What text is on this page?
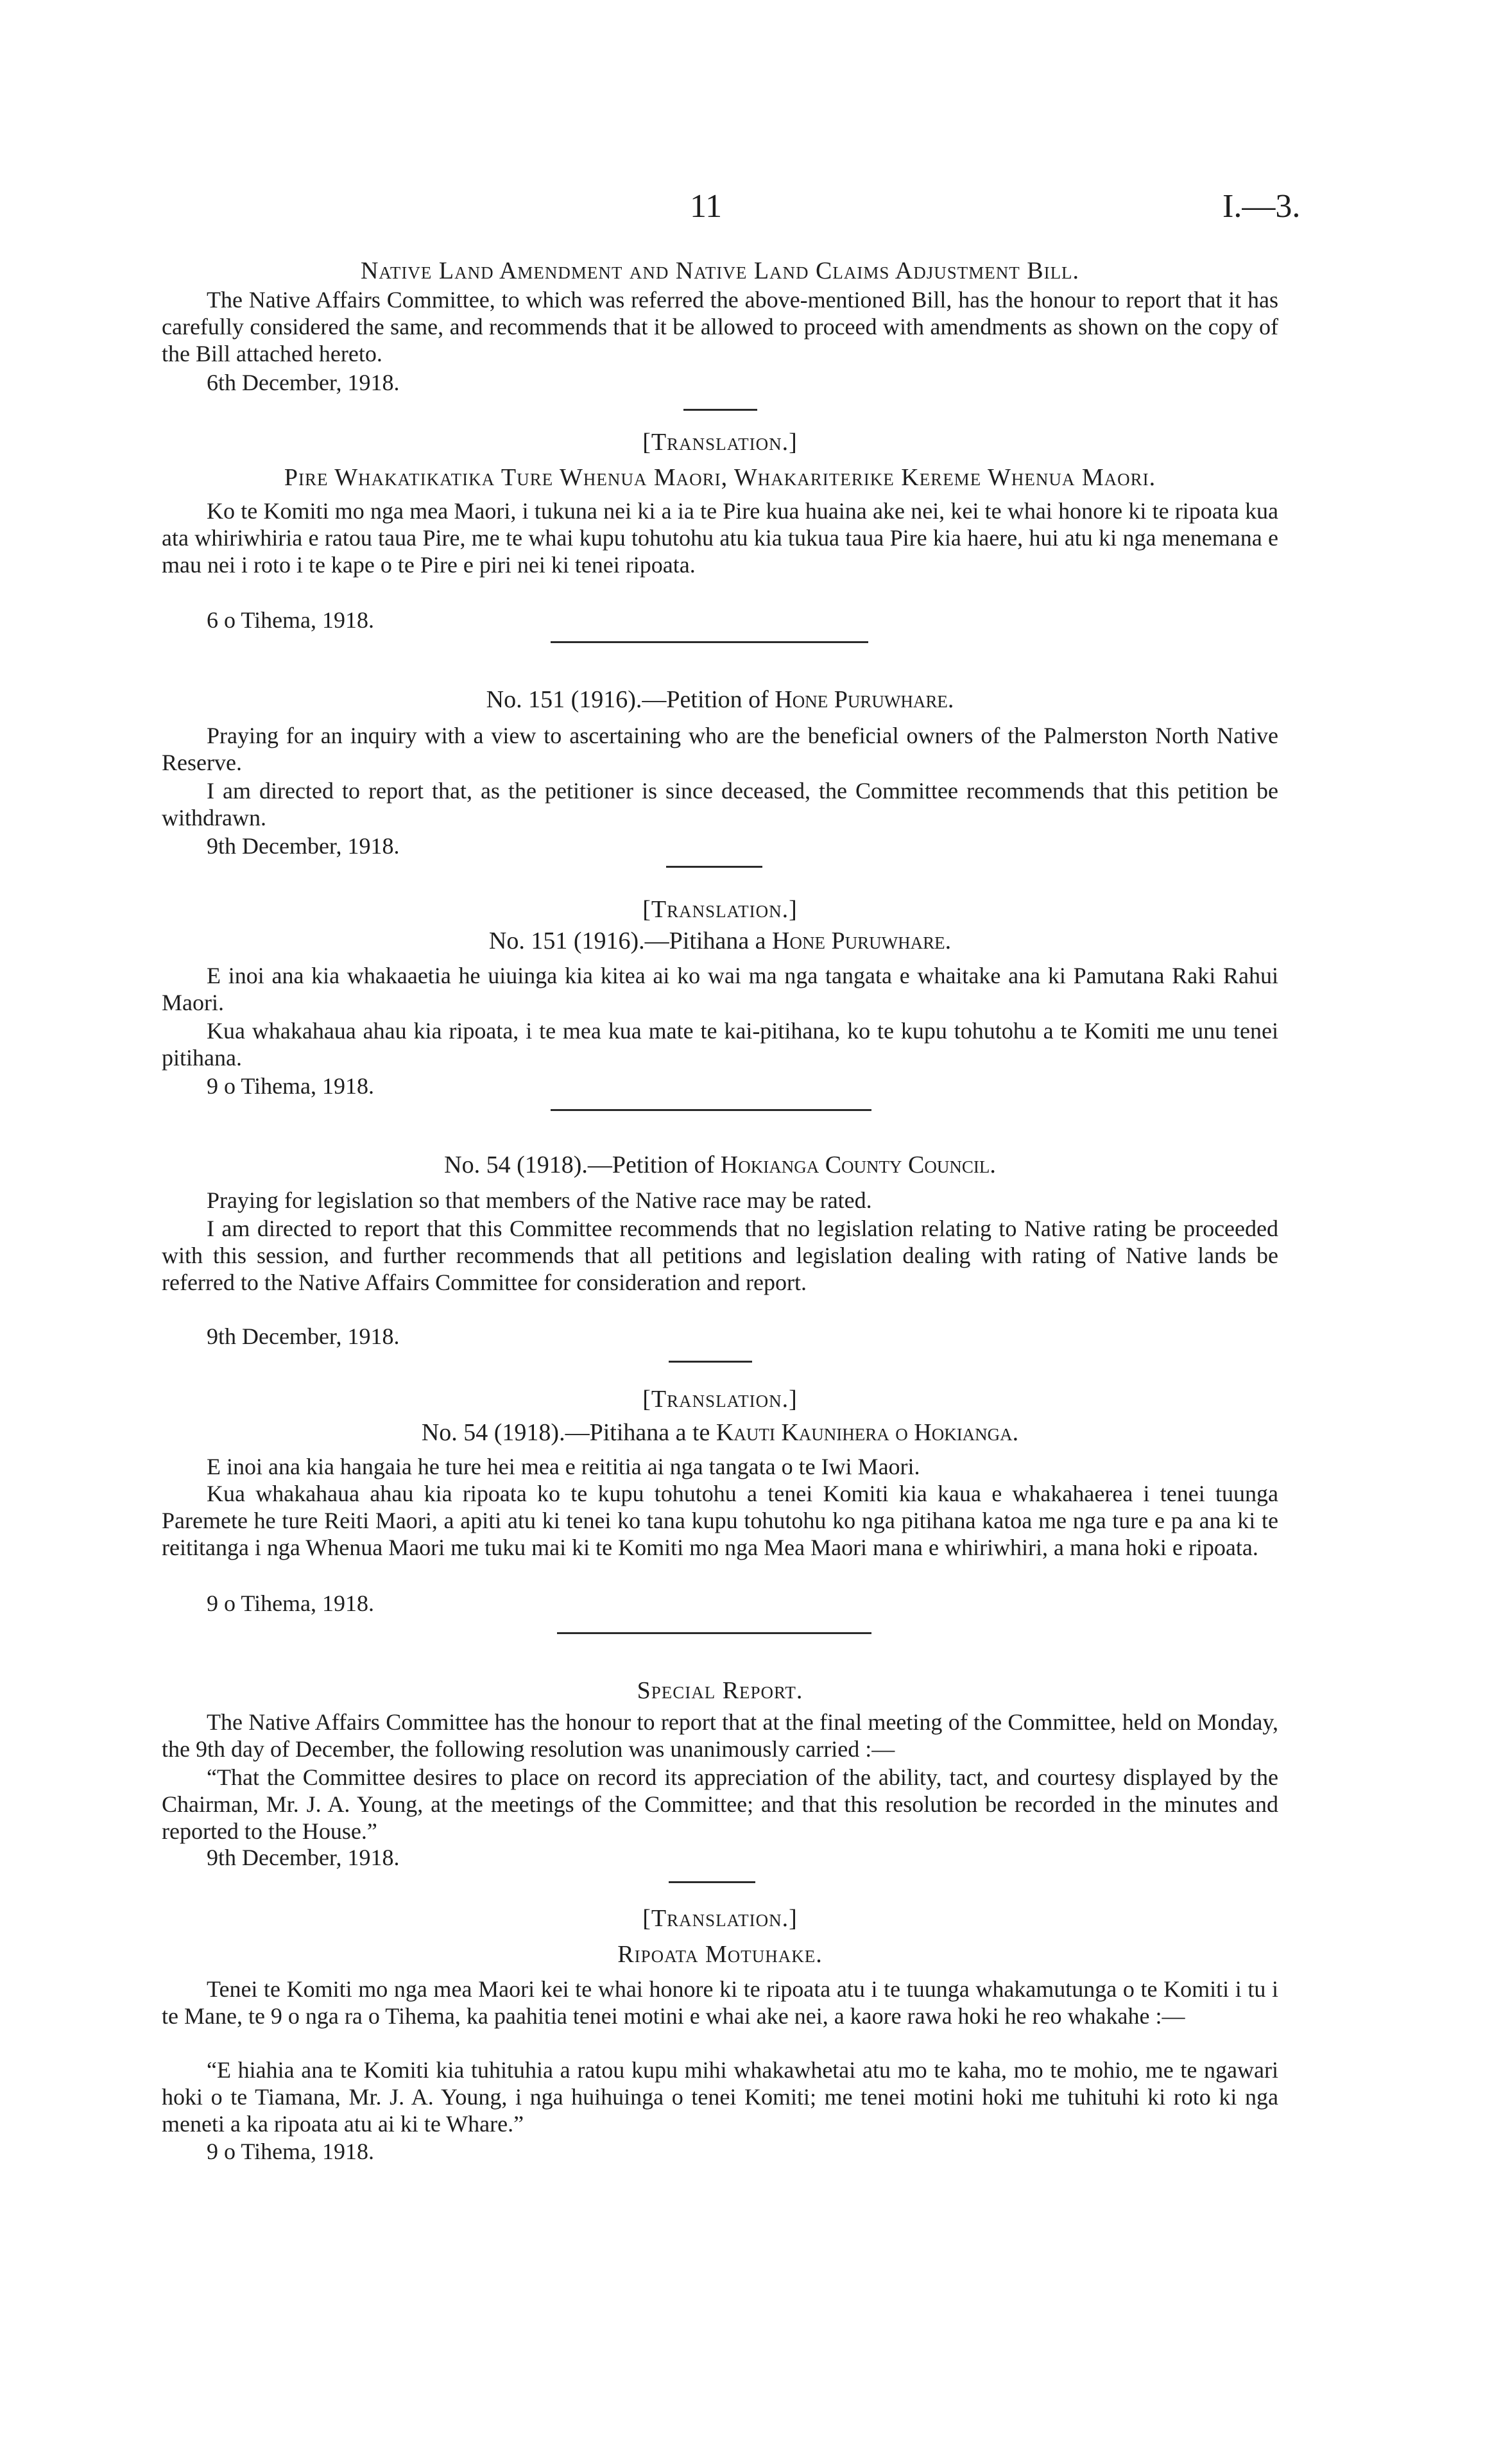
11	I.—3.
Native Land Amendment and Native Land Claims Adjustment Bill.

The Native Affairs Committee, to which was referred the above-mentioned Bill, has the honour to report that it has carefully considered the same, and recommends that it be allowed to proceed with amendments as shown on the copy of the Bill attached hereto.

6th December, 1918.
[Translation.]
Pire Whakatikatika Ture Whenua Maori, Whakariterike Kereme Whenua Maori.

Ko te Komiti mo nga mea Maori, i tukuna nei ki a ia te Pire kua huaina ake nei, kei te whai honore ki te ripoata kua ata whiriwhiria e ratou taua Pire, me te whai kupu tohutohu atu kia tukua taua Pire kia haere, hui atu ki nga menemana e mau nei i roto i te kape o te Pire e piri nei ki tenei ripoata.

6 o Tihema, 1918.
No. 151 (1916).—Petition of Hone Puruwhare.

Praying for an inquiry with a view to ascertaining who are the beneficial owners of the Palmerston North Native Reserve.

I am directed to report that, as the petitioner is since deceased, the Committee recommends that this petition be withdrawn.

9th December, 1918.
[Translation.]
No. 151 (1916).—Pitihana a Hone Puruwhare.

E inoi ana kia whakaaetia he uiuinga kia kitea ai ko wai ma nga tangata e whaitake ana ki Pamutana Raki Rahui Maori.

Kua whakahaua ahau kia ripoata, i te mea kua mate te kai-pitihana, ko te kupu tohutohu a te Komiti me unu tenei pitihana.

9 o Tihema, 1918.
No. 54 (1918).—Petition of Hokianga County Council.

Praying for legislation so that members of the Native race may be rated.

I am directed to report that this Committee recommends that no legislation relating to Native rating be proceeded with this session, and further recommends that all petitions and legislation dealing with rating of Native lands be referred to the Native Affairs Committee for consideration and report.

9th December, 1918.
[Translation.]
No. 54 (1918).—Pitihana a te Kauti Kaunihera o Hokianga.

E inoi ana kia hangaia he ture hei mea e reititia ai nga tangata o te Iwi Maori.

Kua whakahaua ahau kia ripoata ko te kupu tohutohu a tenei Komiti kia kaua e whakahaerea i tenei tuunga Paremete he ture Reiti Maori, a apiti atu ki tenei ko tana kupu tohutohu ko nga pitihana katoa me nga ture e pa ana ki te reititanga i nga Whenua Maori me tuku mai ki te Komiti mo nga Mea Maori mana e whiriwhiri, a mana hoki e ripoata.

9 o Tihema, 1918.
Special Report.

The Native Affairs Committee has the honour to report that at the final meeting of the Committee, held on Monday, the 9th day of December, the following resolution was unanimously carried :—

“That the Committee desires to place on record its appreciation of the ability, tact, and courtesy displayed by the Chairman, Mr. J. A. Young, at the meetings of the Committee; and that this resolution be recorded in the minutes and reported to the House.”

9th December, 1918.
[Translation.]
Ripoata Motuhake.

Tenei te Komiti mo nga mea Maori kei te whai honore ki te ripoata atu i te tuunga whakamutunga o te Komiti i tu i te Mane, te 9 o nga ra o Tihema, ka paahitia tenei motini e whai ake nei, a kaore rawa hoki he reo whakahe :—

“E hiahia ana te Komiti kia tuhituhia a ratou kupu mihi whakawhetai atu mo te kaha, mo te mohio, me te ngawari hoki o te Tiamana, Mr. J. A. Young, i nga huihuinga o tenei Komiti; me tenei motini hoki me tuhituhi ki roto ki nga meneti a ka ripoata atu ai ki te Whare.”

9 o Tihema, 1918.
